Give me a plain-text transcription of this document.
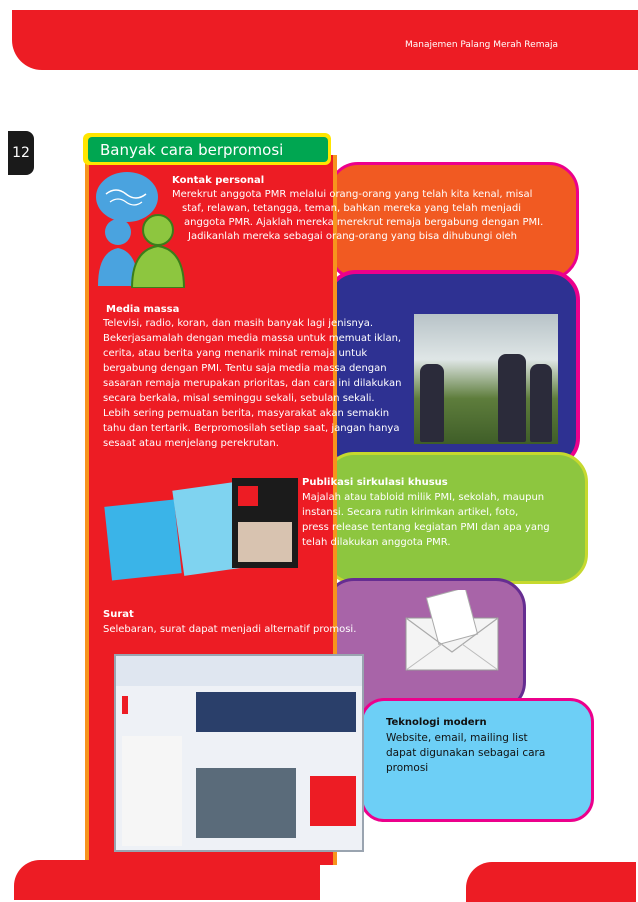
Manajemen Palang Merah Remaja
12	Banyak cara berpromosi
Kontak personal
Merekrut anggota PMR melalui orang-orang yang telah kita kenal, misal
staf, relawan, tetangga, teman, bahkan mereka yang telah menjadi
anggota PMR. Ajaklah mereka merekrut remaja bergabung dengan PMI.
Jadikanlah mereka sebagai orang-orang yang bisa dihubungi oleh
Media massa
Televisi, radio, koran, dan masih banyak lagi jenisnya.
Bekerjasamalah dengan media massa untuk memuat iklan,
cerita, atau berita yang menarik minat remaja untuk
bergabung dengan PMI. Tentu saja media massa dengan
sasaran remaja merupakan prioritas, dan cara ini dilakukan
secara berkala, misal seminggu sekali, sebulan sekali.
Lebih sering pemuatan berita, masyarakat akan semakin
tahu dan tertarik. Berpromosilah setiap saat, jangan hanya
sesaat atau menjelang perekrutan.
Publikasi sirkulasi khusus
Majalah atau tabloid milik PMI, sekolah, maupun
instansi. Secara rutin kirimkan artikel, foto,
press release tentang kegiatan PMI dan apa yang
telah dilakukan anggota PMR.
Surat
Selebaran, surat dapat menjadi alternatif promosi.
Teknologi modern
Website, email, mailing list
dapat digunakan sebagai cara
promosi
